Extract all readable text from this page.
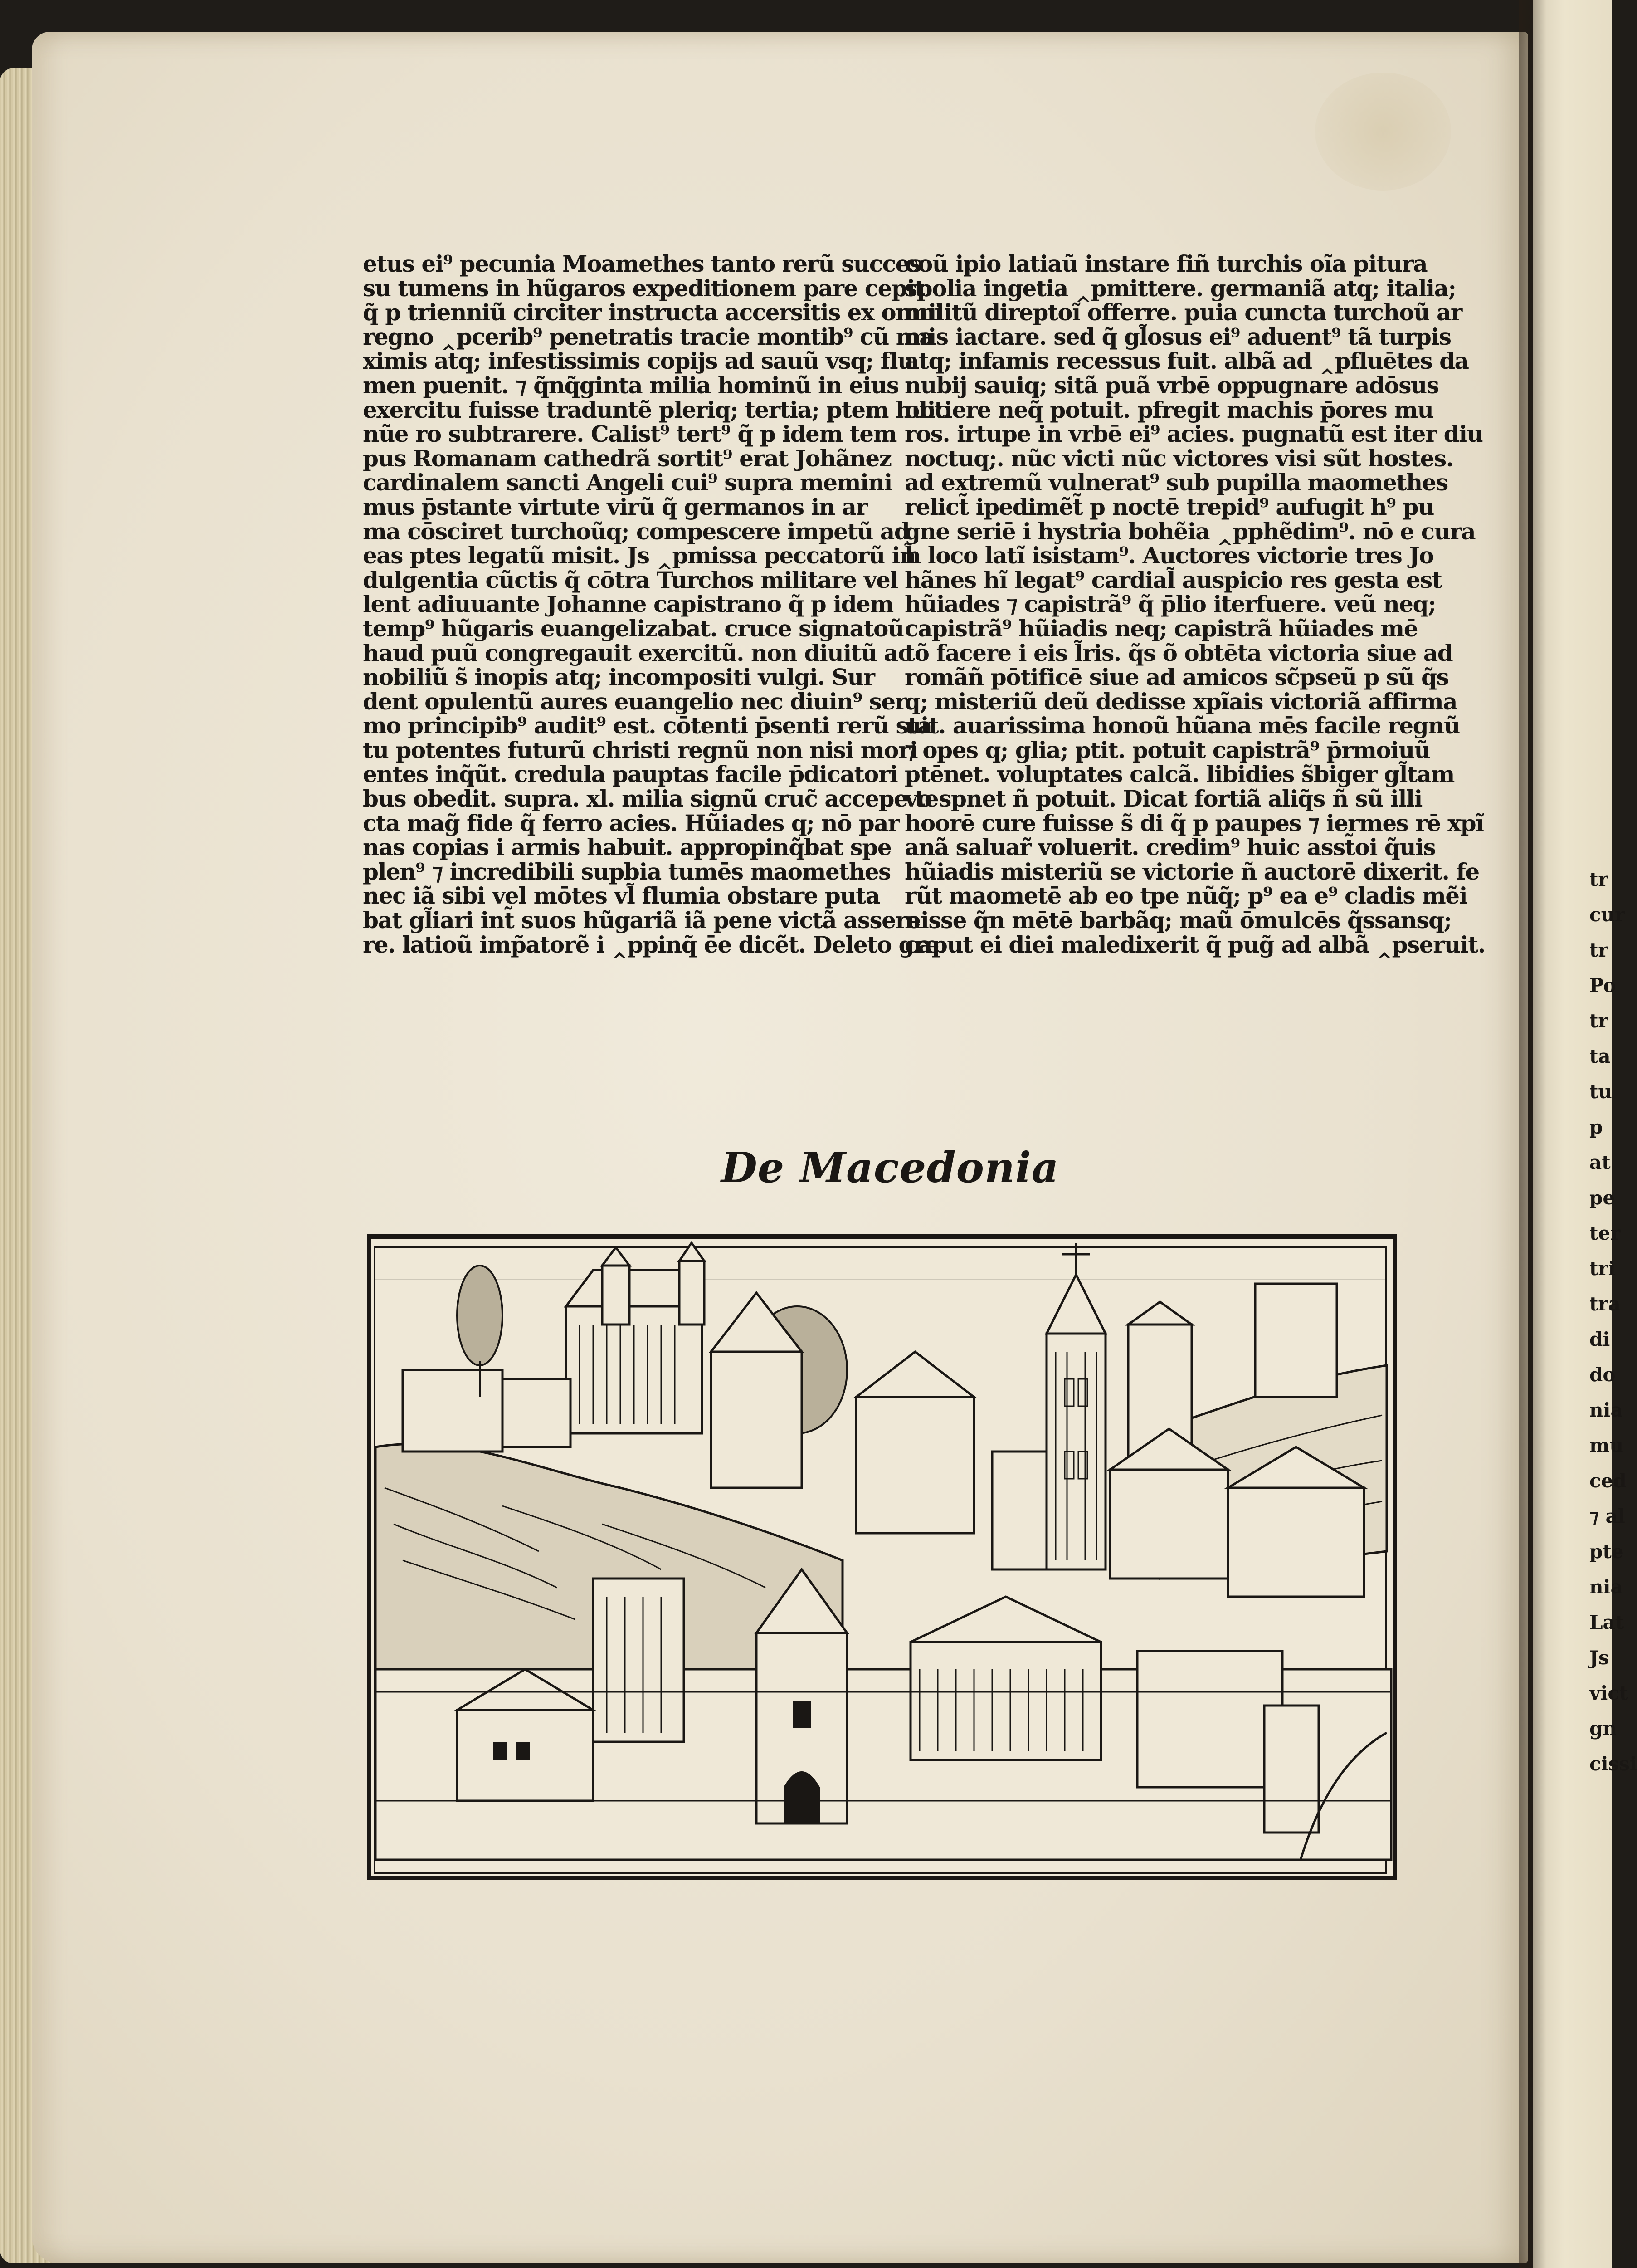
etus ei⁹ pecunia Moamethes tanto rerũ succes
su tumens in hũgaros expeditionem pare cepit
q̃ p trienniũ circiter instructa accersitis ex omni
regno ‸pcerib⁹ penetratis tracie montib⁹ cũ ma
ximis atq; infestissimis copijs ad sauũ vsq; flu
men puenit. ⁊ q̃nq̃ginta milia hominũ in eius
exercitu fuisse traduntẽ pleriq; tertia; ptem huic
nũe ro subtrarere. Calist⁹ tert⁹ q̃ p idem tem
pus Romanam cathedrã sortit⁹ erat Johãnez
cardinalem sancti Angeli cui⁹ supra memini
mus p̄stante virtute virũ q̃ germanos in ar
ma cōsciret turchoũq; compescere impetũ ad
eas ptes legatũ misit. Js ‸pmissa peccatorũ in
dulgentia cũctis q̃ cōtra Turchos militare vel
lent adiuuante Johanne capistrano q̃ p idem
temp⁹ hũgaris euangelizabat. cruce signatoũ
haud puũ congregauit exercitũ. non diuitũ ac
nobiliũ s̃ inopis atq; incompositi vulgi. Sur
dent opulentũ aures euangelio nec diuin⁹ ser
mo principib⁹ audit⁹ est. cōtenti p̄senti rerũ sta
tu potentes futurũ christi regnũ non nisi mori
entes inq̃ũt. credula pauptas facile p̄dicatori
bus obedit. supra. xl. milia signũ cruc̃ accepe te
cta mag̃ fide q̃ ferro acies. Hũiades q; nō par
nas copias i armis habuit. appropinq̃bat spe
plen⁹ ⁊ incredibili supbia tumēs maomethes
nec iã sibi vel mōtes vl̃ flumia obstare puta
bat gl̃iari int̃ suos hũgariã iã pene victã assere
re. latioũ imp̃atorẽ i ‸ppinq̃ ēe dicẽt. Deleto gre
coũ ipio latiaũ instare fiñ turchis oĩa pitura
spolia ingetia ‸pmittere. germaniã atq; italia;
militũ direptoĩ offerre. puia cuncta turchoũ ar
mis iactare. sed q̃ gl̃osus ei⁹ aduent⁹ tã turpis
atq; infamis recessus fuit. albã ad ‸pfluētes da
nubij sauiq; sitã puã vrbē oppugnare adōsus
obtiere neq̃ potuit. pfregit machis p̄ores mu
ros. irtupe in vrbē ei⁹ acies. pugnatũ est iter diu
noctuq;. nũc victi nũc victores visi sũt hostes.
ad extremũ vulnerat⁹ sub pupilla maomethes
relict̃ ipedimẽt̃ p noctē trepid⁹ aufugit h⁹ pu
gne seriē i hystria bohẽia ‸pphẽdim⁹. nō e cura
h̃ loco latĩ isistam⁹. Auctores victorie tres Jo
hãnes hĩ legat⁹ cardial̃ auspicio res gesta est
hũiades ⁊ capistrã⁹ q̃ p̄lio iterfuere. veũ neq;
capistrã⁹ hũiadis neq; capistrã hũiades mē
tõ facere i eis l̃ris. q̃s õ obtēta victoria siue ad
romãñ pōtificē siue ad amicos sc̃pseũ p sũ q̃s
q; misteriũ deũ dedisse xpĩais victoriã affirma
uit. auarissima honoũ hũana mēs facile regnũ
⁊ opes q; glia; ptit. potuit capistrã⁹ p̄rmoiuũ
ptēnet. voluptates calcã. libidies s̃biger gl̃tam
vo spnet ñ potuit. Dicat fortiã aliq̃s ñ sũ illi
hoorē cure fuisse s̃ di q̃ p paupes ⁊ iermes rē xpĩ
anã saluar̃ voluerit. credim⁹ huic asst̃oi q̃uis
hũiadis misteriũ se victorie ñ auctorē dixerit. fe
rũt maometē ab eo tpe nũq̃; p⁹ ea e⁹ cladis mẽi
nisse q̃n mētē barbãq; maũ ōmulcēs q̃ssansq;
caput ei diei maledixerit q̃ pug̃ ad albã ‸pseruit.
De Macedonia
tr
cur
tr
Po
tr
ta
tu
p
at
pe
ter
tri
tra
di
do
nia
mu
ced
⁊ al
pte
nia
Lat
Js
vict
gn
cissi
